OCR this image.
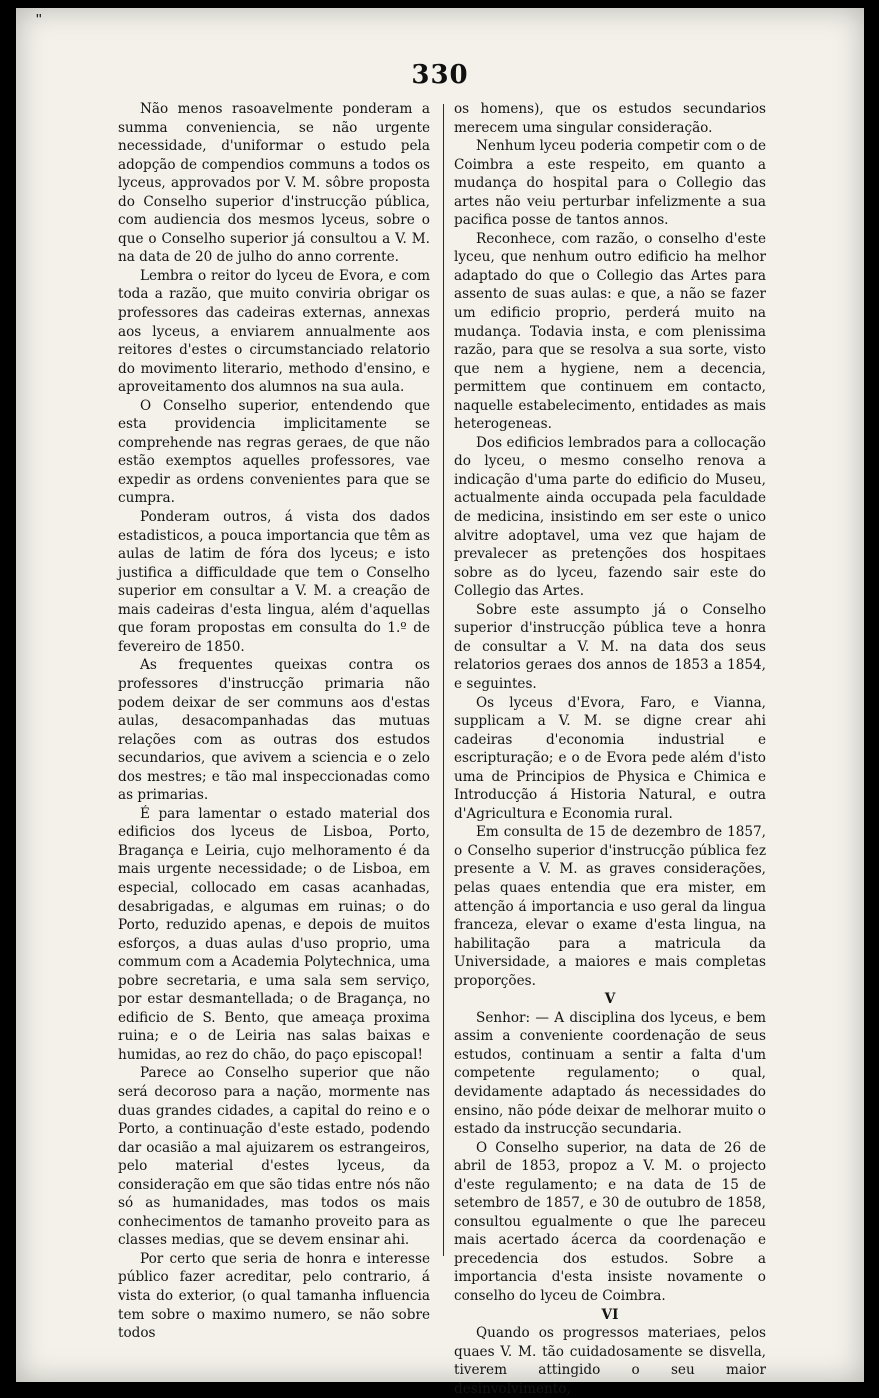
"
330

Não menos rasoavelmente ponderam a summa conveniencia, se não urgente necessidade, d'uniformar o estudo pela adopção de compendios communs a todos os lyceus, approvados por V. M. sôbre proposta do Conselho superior d'instrucção pública, com audiencia dos mesmos lyceus, sobre o que o Conselho superior já consultou a V. M. na data de 20 de julho do anno corrente.

Lembra o reitor do lyceu de Evora, e com toda a razão, que muito conviria obrigar os professores das cadeiras externas, annexas aos lyceus, a enviarem annualmente aos reitores d'estes o circumstanciado relatorio do movimento literario, methodo d'ensino, e aproveitamento dos alumnos na sua aula.

O Conselho superior, entendendo que esta providencia implicitamente se comprehende nas regras geraes, de que não estão exemptos aquelles professores, vae expedir as ordens convenientes para que se cumpra.

Ponderam outros, á vista dos dados estadisticos, a pouca importancia que têm as aulas de latim de fóra dos lyceus; e isto justifica a difficuldade que tem o Conselho superior em consultar a V. M. a creação de mais cadeiras d'esta lingua, além d'aquellas que foram propostas em consulta do 1.º de fevereiro de 1850.

As frequentes queixas contra os professores d'instrucção primaria não podem deixar de ser communs aos d'estas aulas, desacompanhadas das mutuas relações com as outras dos estudos secundarios, que avivem a sciencia e o zelo dos mestres; e tão mal inspeccionadas como as primarias.

É para lamentar o estado material dos edificios dos lyceus de Lisboa, Porto, Bragança e Leiria, cujo melhoramento é da mais urgente necessidade; o de Lisboa, em especial, collocado em casas acanhadas, desabrigadas, e algumas em ruinas; o do Porto, reduzido apenas, e depois de muitos esforços, a duas aulas d'uso proprio, uma commum com a Academia Polytechnica, uma pobre secretaria, e uma sala sem serviço, por estar desmantellada; o de Bragança, no edificio de S. Bento, que ameaça proxima ruina; e o de Leiria nas salas baixas e humidas, ao rez do chão, do paço episcopal!

Parece ao Conselho superior que não será decoroso para a nação, mormente nas duas grandes cidades, a capital do reino e o Porto, a continuação d'este estado, podendo dar ocasião a mal ajuizarem os estrangeiros, pelo material d'estes lyceus, da consideração em que são tidas entre nós não só as humanidades, mas todos os mais conhecimentos de tamanho proveito para as classes medias, que se devem ensinar ahi.

Por certo que seria de honra e interesse público fazer acreditar, pelo contrario, á vista do exterior, (o qual tamanha influencia tem sobre o maximo numero, se não sobre todos

os homens), que os estudos secundarios merecem uma singular consideração.

Nenhum lyceu poderia competir com o de Coimbra a este respeito, em quanto a mudança do hospital para o Collegio das artes não veiu perturbar infelizmente a sua pacifica posse de tantos annos.

Reconhece, com razão, o conselho d'este lyceu, que nenhum outro edificio ha melhor adaptado do que o Collegio das Artes para assento de suas aulas: e que, a não se fazer um edificio proprio, perderá muito na mudança. Todavia insta, e com plenissima razão, para que se resolva a sua sorte, visto que nem a hygiene, nem a decencia, permittem que continuem em contacto, naquelle estabelecimento, entidades as mais heterogeneas.

Dos edificios lembrados para a collocação do lyceu, o mesmo conselho renova a indicação d'uma parte do edificio do Museu, actualmente ainda occupada pela faculdade de medicina, insistindo em ser este o unico alvitre adoptavel, uma vez que hajam de prevalecer as pretenções dos hospitaes sobre as do lyceu, fazendo sair este do Collegio das Artes.

Sobre este assumpto já o Conselho superior d'instrucção pública teve a honra de consultar a V. M. na data dos seus relatorios geraes dos annos de 1853 a 1854, e seguintes.

Os lyceus d'Evora, Faro, e Vianna, supplicam a V. M. se digne crear ahi cadeiras d'economia industrial e escripturação; e o de Evora pede além d'isto uma de Principios de Physica e Chimica e Introducção á Historia Natural, e outra d'Agricultura e Economia rural.

Em consulta de 15 de dezembro de 1857, o Conselho superior d'instrucção pública fez presente a V. M. as graves considerações, pelas quaes entendia que era mister, em attenção á importancia e uso geral da lingua franceza, elevar o exame d'esta lingua, na habilitação para a matricula da Universidade, a maiores e mais completas proporções.

V

Senhor: — A disciplina dos lyceus, e bem assim a conveniente coordenação de seus estudos, continuam a sentir a falta d'um competente regulamento; o qual, devidamente adaptado ás necessidades do ensino, não póde deixar de melhorar muito o estado da instrucção secundaria.

O Conselho superior, na data de 26 de abril de 1853, propoz a V. M. o projecto d'este regulamento; e na data de 15 de setembro de 1857, e 30 de outubro de 1858, consultou egualmente o que lhe pareceu mais acertado ácerca da coordenação e precedencia dos estudos. Sobre a importancia d'esta insiste novamente o conselho do lyceu de Coimbra.

VI

Quando os progressos materiaes, pelos quaes V. M. tão cuidadosamente se disvella, tiverem attingido o seu maior desinvolvimento,
